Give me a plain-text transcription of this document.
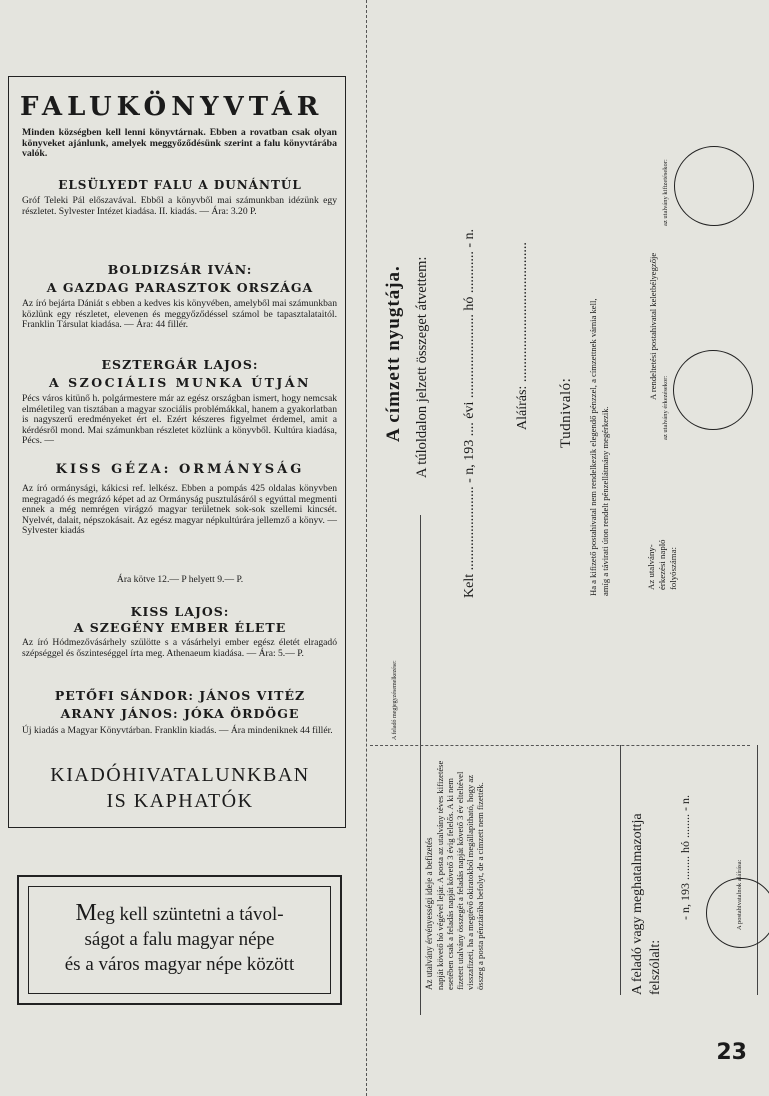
FALUKÖNYVTÁR

Minden községben kell lenni könyvtárnak. Ebben a rovatban csak olyan könyveket ajánlunk, amelyek meggyőződésünk szerint a falu könyvtárába valók.

ELSÜLYEDT FALU A DUNÁNTÚL

Gróf Teleki Pál előszavával. Ebből a könyvből mai számunkban idézünk egy részletet. Sylvester Intézet kiadása. II. kiadás. — Ára: 3.20 P.

BOLDIZSÁR IVÁN:

A GAZDAG PARASZTOK ORSZÁGA

Az író bejárta Dániát s ebben a kedves kis könyvében, amelyből mai számunkban közlünk egy részletet, elevenen és meggyőződéssel számol be tapasztalataitól. Franklin Társulat kiadása. — Ára: 44 fillér.

ESZTERGÁR LAJOS:

A SZOCIÁLIS MUNKA ÚTJÁN

Pécs város kitünő h. polgármestere már az egész országban ismert, hogy nemcsak elméletileg van tisztában a magyar szociális problémákkal, hanem a gyakorlatban is nagyszerű eredményeket ért el. Ezért készeres figyelmet érdemel, amit a kérdésről mond. Mai számunkban részletet közlünk a könyvből. Kultúra kiadása, Pécs. —

KISS GÉZA: ORMÁNYSÁG

Az író ormánysági, kákicsi ref. lelkész. Ebben a pompás 425 oldalas könyvben megragadó és megrázó képet ad az Ormányság pusztulásáról s egyúttal megmenti ennek a még nemrégen virágzó magyar területnek sok-sok szellemi kincsét. Nyelvét, dalait, népszokásait. Az egész magyar népkultúrára jellemző a könyv. — Sylvester kiadás

Ára kötve 12.— P helyett 9.— P.

KISS LAJOS:

A SZEGÉNY EMBER ÉLETE

Az író Hódmezővásárhely szülötte s a vásárhelyi ember egész életét elragadó szépséggel és őszinteséggel írta meg. Athenaeum kiadása. — Ára: 5.— P.

PETŐFI SÁNDOR: JÁNOS VITÉZ

ARANY JÁNOS: JÓKA ÖRDÖGE

Új kiadás a Magyar Könyvtárban. Franklin kiadás. — Ára mindeniknek 44 fillér.

KIADÓHIVATALUNKBAN
IS KAPHATÓK
Meg kell szüntetni a távol-
ságot a falu magyar népe
és a város magyar népe között

A címzett nyugtája. A túloldalon jelzett összeget átvettem: Kelt ........................ - n, 193 .... évi ........................ hó ............ - n.	Aláírás: ........................................ Tudnivaló: Ha a kifizető postahivatal nem rendelkezik elegendő pénzzel, a címzettnek várnia kell, amíg a távirati úton rendelt pénzellátmány megérkezik.

A rendeltetési postahivatal keletbélyegzője

az utalvány érkezésekor:

az utalvány kifizetésekor:

Az utalvány- érkezési napló folyószáma:

A feladó megjegyzésemelkezése:

Az utalvány érvényességi ideje a befizetés napját követő hó végével lejár. A posta az utalvány téves kifizetése esetében csak a feladás napját követő 3 évig felelős. A ki nem fizetett utalvány összegét a feladás napját követő 3 év elteltével visszafizeti, ha a megtévő okiratokból megállapítható, hogy az összeg a posta pénztárába befolyt, de a címzett nem fizették.	A feladó vagy meghatalmazottja felszólalt:

- n, 193 ........ hó ........ - n.	A postahivatalnok aláírása:

23
